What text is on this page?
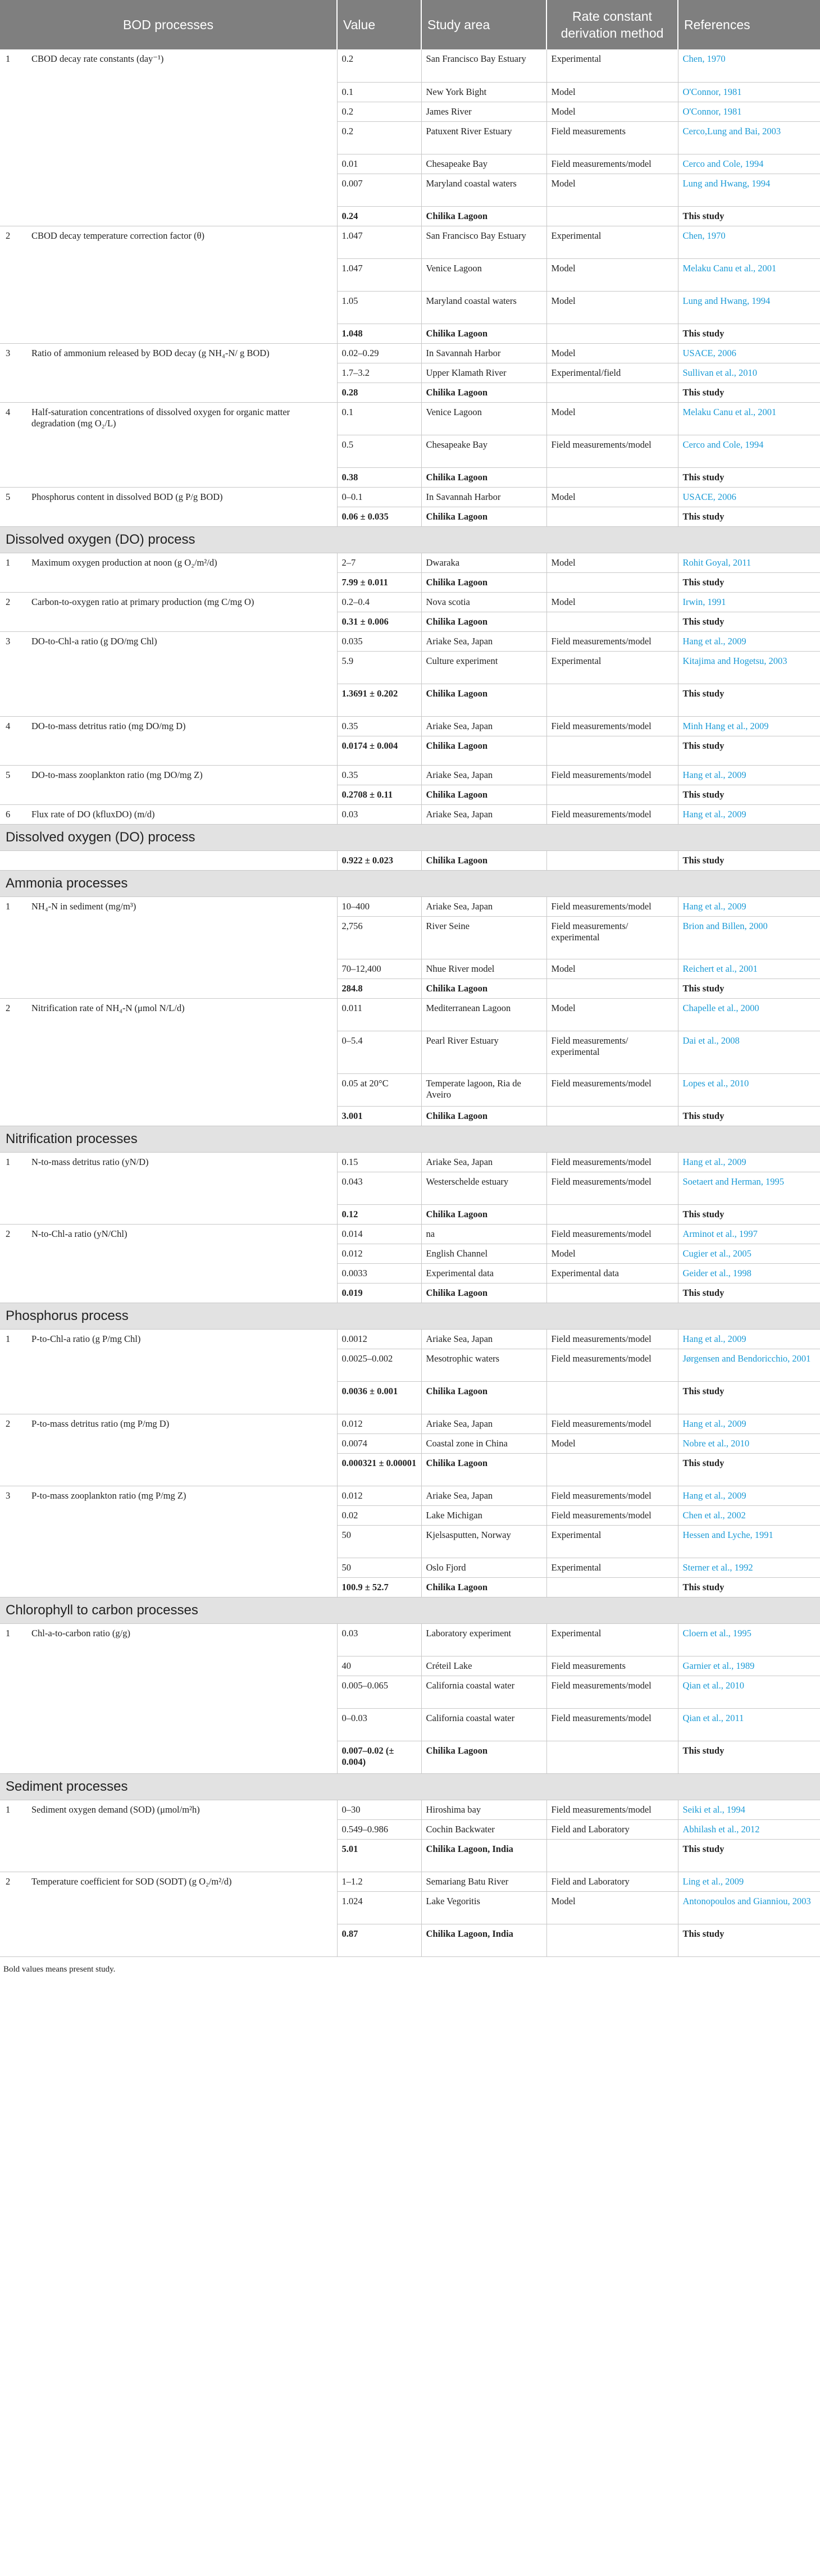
BOD processes	Value	Study area	Rate constant derivation method	References

1 CBOD decay rate constants (day⁻¹)	0.2	San Francisco Bay Estuary	Experimental	Chen, 1970
	0.1	New York Bight	Model	O'Connor, 1981
	0.2	James River	Model	O'Connor, 1981
	0.2	Patuxent River Estuary	Field measurements	Cerco,Lung and Bai, 2003
	0.01	Chesapeake Bay	Field measurements/model	Cerco and Cole, 1994
	0.007	Maryland coastal waters	Model	Lung and Hwang, 1994
	0.24	Chilika Lagoon		This study

2 CBOD decay temperature correction factor (θ)	1.047	San Francisco Bay Estuary	Experimental	Chen, 1970
	1.047	Venice Lagoon	Model	Melaku Canu et al., 2001
	1.05	Maryland coastal waters	Model	Lung and Hwang, 1994
	1.048	Chilika Lagoon		This study

3 Ratio of ammonium released by BOD decay (g NH₄-N/ g BOD)	0.02–0.29	In Savannah Harbor	Model	USACE, 2006
	1.7–3.2	Upper Klamath River	Experimental/field	Sullivan et al., 2010
	0.28	Chilika Lagoon		This study

4 Half-saturation concentrations of dissolved oxygen for organic matter degradation (mg O₂/L)	0.1	Venice Lagoon	Model	Melaku Canu et al., 2001
	0.5	Chesapeake Bay	Field measurements/model	Cerco and Cole, 1994
	0.38	Chilika Lagoon		This study

5 Phosphorus content in dissolved BOD (g P/g BOD)	0–0.1	In Savannah Harbor	Model	USACE, 2006
	0.06 ± 0.035	Chilika Lagoon		This study
Dissolved oxygen (DO) process				

1 Maximum oxygen production at noon (g O₂/m²/d)	2–7	Dwaraka	Model	Rohit Goyal, 2011
	7.99 ± 0.011	Chilika Lagoon		This study

2 Carbon-to-oxygen ratio at primary production (mg C/mg O)	0.2–0.4	Nova scotia	Model	Irwin, 1991
	0.31 ± 0.006	Chilika Lagoon		This study

3 DO-to-Chl-a ratio (g DO/mg Chl)	0.035	Ariake Sea, Japan	Field measurements/model	Hang et al., 2009
	5.9	Culture experiment	Experimental	Kitajima and Hogetsu, 2003
	1.3691 ± 0.202	Chilika Lagoon		This study

4 DO-to-mass detritus ratio (mg DO/mg D)	0.35	Ariake Sea, Japan	Field measurements/model	Minh Hang et al., 2009
	0.0174 ± 0.004	Chilika Lagoon		This study

5 DO-to-mass zooplankton ratio (mg DO/mg Z)	0.35	Ariake Sea, Japan	Field measurements/model	Hang et al., 2009
	0.2708 ± 0.11	Chilika Lagoon		This study

6 Flux rate of DO (kfluxDO) (m/d)	0.03	Ariake Sea, Japan	Field measurements/model	Hang et al., 2009
Dissolved oxygen (DO) process				

	0.922 ± 0.023	Chilika Lagoon		This study
Ammonia processes				

1 NH₄-N in sediment (mg/m³)	10–400	Ariake Sea, Japan	Field measurements/model	Hang et al., 2009
	2,756	River Seine	Field measurements/ experimental	Brion and Billen, 2000
	70–12,400	Nhue River model	Model	Reichert et al., 2001
	284.8	Chilika Lagoon		This study

2 Nitrification rate of NH₄-N (μmol N/L/d)	0.011	Mediterranean Lagoon	Model	Chapelle et al., 2000
	0–5.4	Pearl River Estuary	Field measurements/ experimental	Dai et al., 2008
	0.05 at 20°C	Temperate lagoon, Ria de Aveiro	Field measurements/model	Lopes et al., 2010
	3.001	Chilika Lagoon		This study
Nitrification processes				

1 N-to-mass detritus ratio (yN/D)	0.15	Ariake Sea, Japan	Field measurements/model	Hang et al., 2009
	0.043	Westerschelde estuary	Field measurements/model	Soetaert and Herman, 1995
	0.12	Chilika Lagoon		This study

2 N-to-Chl-a ratio (yN/Chl)	0.014	na	Field measurements/model	Arminot et al., 1997
	0.012	English Channel	Model	Cugier et al., 2005
	0.0033	Experimental data	Experimental data	Geider et al., 1998
	0.019	Chilika Lagoon		This study
Phosphorus process				

1 P-to-Chl-a ratio (g P/mg Chl)	0.0012	Ariake Sea, Japan	Field measurements/model	Hang et al., 2009
	0.0025–0.002	Mesotrophic waters	Field measurements/model	Jørgensen and Bendoricchio, 2001
	0.0036 ± 0.001	Chilika Lagoon		This study

2 P-to-mass detritus ratio (mg P/mg D)	0.012	Ariake Sea, Japan	Field measurements/model	Hang et al., 2009
	0.0074	Coastal zone in China	Model	Nobre et al., 2010
	0.000321 ± 0.00001	Chilika Lagoon		This study

3 P-to-mass zooplankton ratio (mg P/mg Z)	0.012	Ariake Sea, Japan	Field measurements/model	Hang et al., 2009
	0.02	Lake Michigan	Field measurements/model	Chen et al., 2002
	50	Kjelsasputten, Norway	Experimental	Hessen and Lyche, 1991
	50	Oslo Fjord	Experimental	Sterner et al., 1992
	100.9 ± 52.7	Chilika Lagoon		This study
Chlorophyll to carbon processes				

1 Chl-a-to-carbon ratio (g/g)	0.03	Laboratory experiment	Experimental	Cloern et al., 1995
	40	Créteil Lake	Field measurements	Garnier et al., 1989
	0.005–0.065	California coastal water	Field measurements/model	Qian et al., 2010
	0–0.03	California coastal water	Field measurements/model	Qian et al., 2011
	0.007–0.02 (± 0.004)	Chilika Lagoon		This study
Sediment processes				

1 Sediment oxygen demand (SOD) (μmol/m²h)	0–30	Hiroshima bay	Field measurements/model	Seiki et al., 1994
	0.549–0.986	Cochin Backwater	Field and Laboratory	Abhilash et al., 2012
	5.01	Chilika Lagoon, India		This study

2 Temperature coefficient for SOD (SODT) (g O₂/m²/d)	1–1.2	Semariang Batu River	Field and Laboratory	Ling et al., 2009
	1.024	Lake Vegoritis	Model	Antonopoulos and Gianniou, 2003
	0.87	Chilika Lagoon, India		This study
Bold values means present study.
